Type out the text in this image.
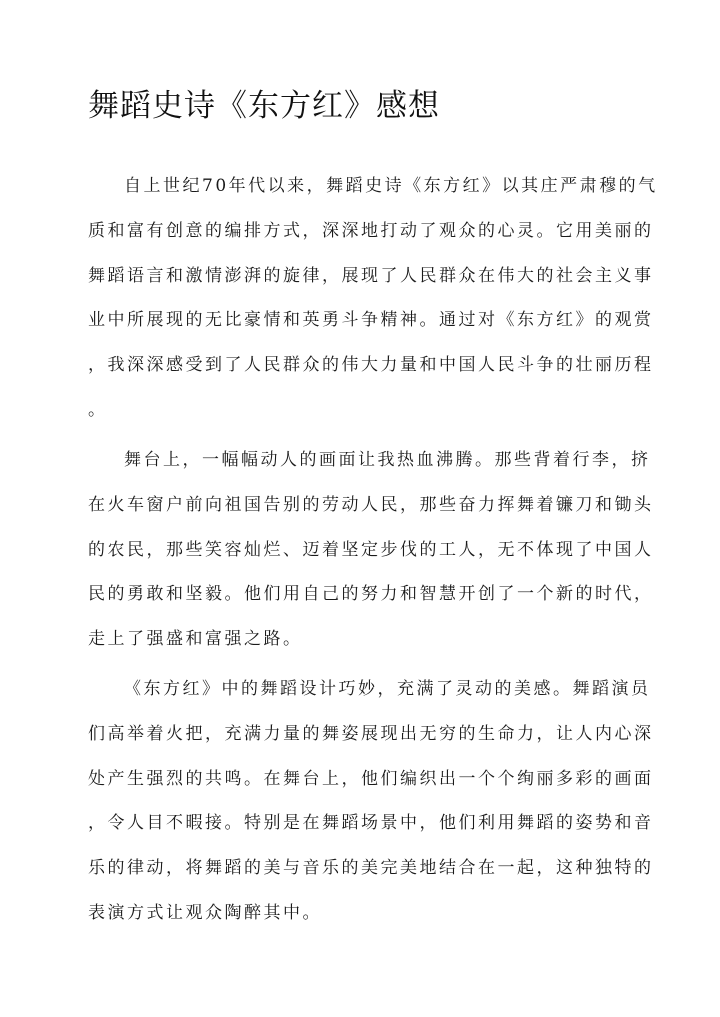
舞蹈史诗《东方红》感想
自上世纪70年代以来，舞蹈史诗《东方红》以其庄严肃穆的气
质和富有创意的编排方式，深深地打动了观众的心灵。它用美丽的
舞蹈语言和激情澎湃的旋律，展现了人民群众在伟大的社会主义事
业中所展现的无比豪情和英勇斗争精神。通过对《东方红》的观赏
，我深深感受到了人民群众的伟大力量和中国人民斗争的壮丽历程
。
舞台上，一幅幅动人的画面让我热血沸腾。那些背着行李，挤
在火车窗户前向祖国告别的劳动人民，那些奋力挥舞着镰刀和锄头
的农民，那些笑容灿烂、迈着坚定步伐的工人，无不体现了中国人
民的勇敢和坚毅。他们用自己的努力和智慧开创了一个新的时代，
走上了强盛和富强之路。
《东方红》中的舞蹈设计巧妙，充满了灵动的美感。舞蹈演员
们高举着火把，充满力量的舞姿展现出无穷的生命力，让人内心深
处产生强烈的共鸣。在舞台上，他们编织出一个个绚丽多彩的画面
，令人目不暇接。特别是在舞蹈场景中，他们利用舞蹈的姿势和音
乐的律动，将舞蹈的美与音乐的美完美地结合在一起，这种独特的
表演方式让观众陶醉其中。
